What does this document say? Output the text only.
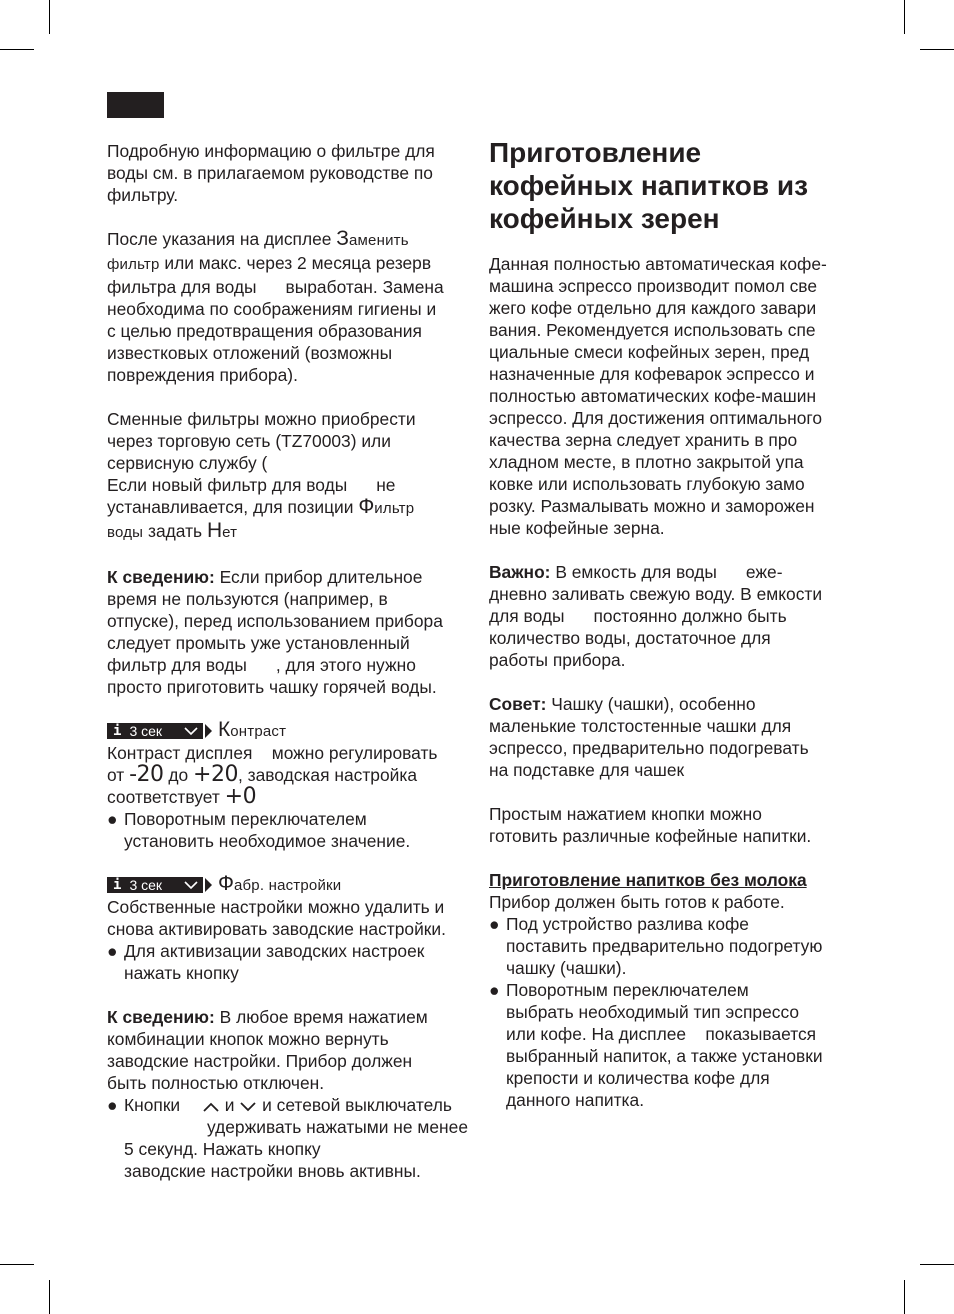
Подробную информацию о фильтре для воды см. в прилагаемом руководстве по фильтру.

После указания на дисплее Заменить
фильтр или макс. через 2 месяца резерв
фильтра для воды      выработан. Замена
необходима по соображениям гигиены и
с целью предотвращения образования
известковых отложений (возможны
повреждения прибора).
Сменные фильтры можно приобрести
через торговую сеть (TZ70003) или
сервисную службу (
Если новый фильтр для воды      не
устанавливается, для позиции Фильтр
воды задать Нет
К сведению: Если прибор длительное
время не пользуются (например, в
отпуске), перед использованием прибора
следует промыть уже установленный
фильтр для воды      , для этого нужно
просто приготовить чашку горячей воды.
i 3 сек	Контраст
Контраст дисплея    можно регулировать
от -20 до +20, заводская настройка
соответствует +0
● Поворотным переключателем
установить необходимое значение.
i 3 сек	Фабр. настройки
Собственные настройки можно удалить и
снова активировать заводские настройки.
● Для активизации заводских настроек
нажать кнопку
К сведению: В любое время нажатием
комбинации кнопок можно вернуть
заводские настройки. Прибор должен
быть полностью отключен.
● Кнопки	и и сетевой выключатель
удерживать нажатыми не менее
5 секунд. Нажать кнопку
заводские настройки вновь активны.
Приготовление
кофейных напитков из
кофейных зерен
Данная полностью автоматическая кофе-
машина эспрессо производит помол све
жего кофе отдельно для каждого завари
вания. Рекомендуется использовать спе
циальные смеси кофейных зерен, пред
назначенные для кофеварок эспрессо и
полностью автоматических кофе-машин
эспрессо. Для достижения оптимального
качества зерна следует хранить в про
хладном месте, в плотно закрытой упа
ковке или использовать глубокую замо
розку. Размалывать можно и заморожен
ные кофейные зерна.
Важно: В емкость для воды      еже-
дневно заливать свежую воду. В емкости
для воды      постоянно должно быть
количество воды, достаточное для
работы прибора.
Совет: Чашку (чашки), особенно
маленькие толстостенные чашки для
эспрессо, предварительно подогревать
на подставке для чашек
Простым нажатием кнопки можно
готовить различные кофейные напитки.
Приготовление напитков без молока
Прибор должен быть готов к работе.
● Под устройство разлива кофе
поставить предварительно подогретую
чашку (чашки).
● Поворотным переключателем
выбрать необходимый тип эспрессо
или кофе. На дисплее    показывается
выбранный напиток, а также установки
крепости и количества кофе для
данного напитка.
